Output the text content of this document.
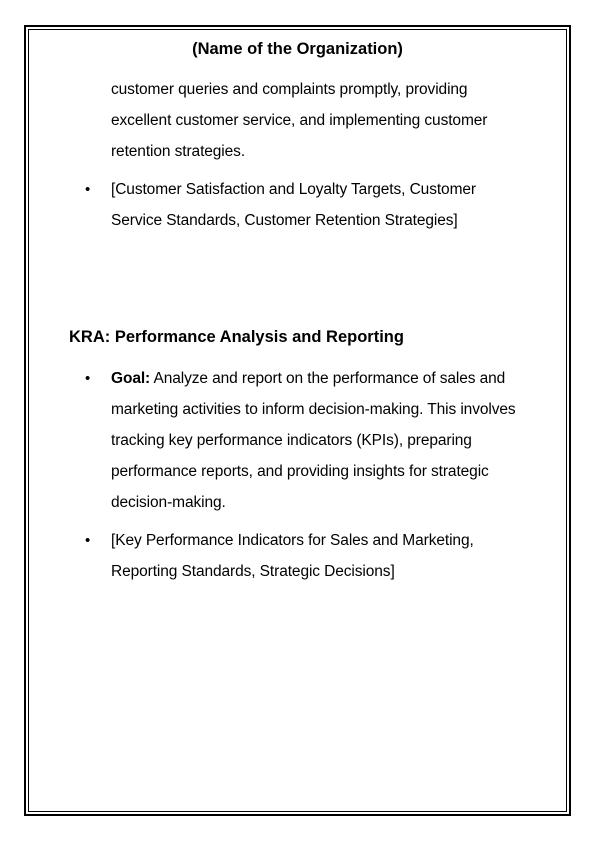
(Name of the Organization)
customer queries and complaints promptly, providing
excellent customer service, and implementing customer
retention strategies.
• [Customer Satisfaction and Loyalty Targets, Customer
Service Standards, Customer Retention Strategies]
KRA: Performance Analysis and Reporting
• Goal: Analyze and report on the performance of sales and
marketing activities to inform decision-making. This involves
tracking key performance indicators (KPIs), preparing
performance reports, and providing insights for strategic
decision-making.
• [Key Performance Indicators for Sales and Marketing,
Reporting Standards, Strategic Decisions]
